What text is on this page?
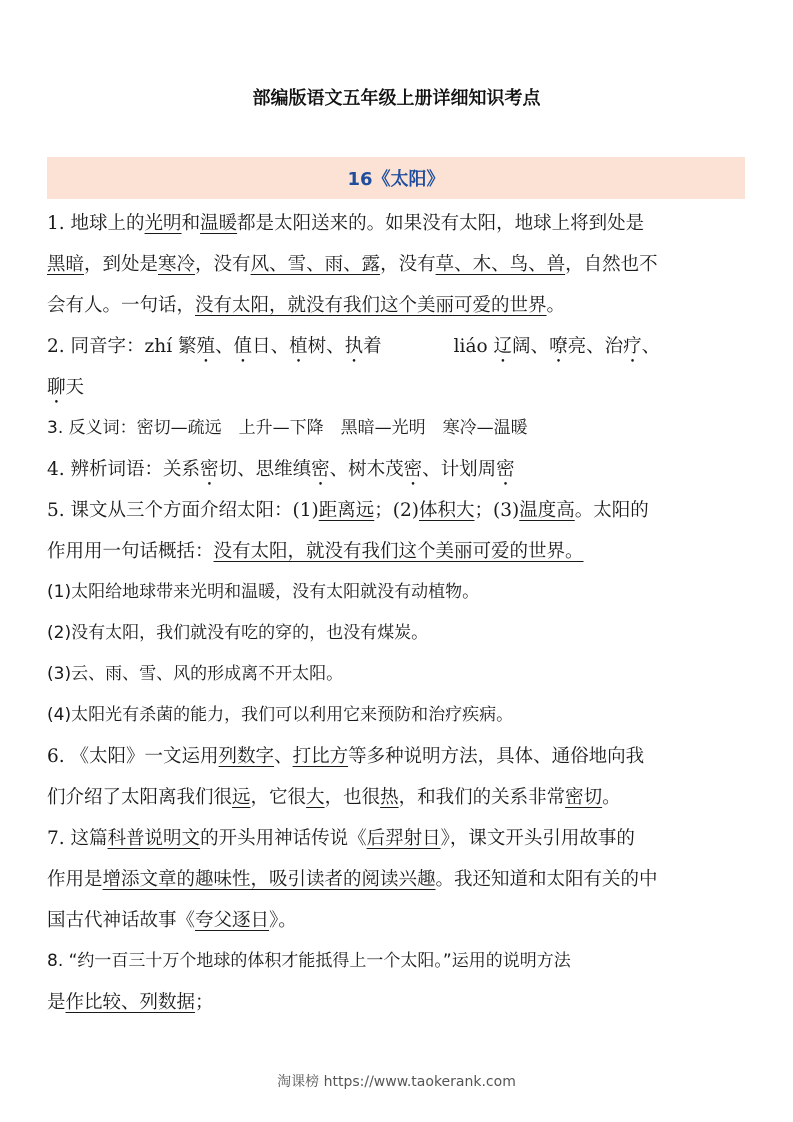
部编版语文五年级上册详细知识考点
16《太阳》

1. 地球上的光明和温暖都是太阳送来的。如果没有太阳，地球上将到处是

黑暗，到处是寒冷，没有风、雪、雨、露，没有草、木、鸟、兽，自然也不

会有人。一句话，没有太阳，就没有我们这个美丽可爱的世界。

2. 同音字：zhí 繁殖、值日、植树、执着	liáo 辽阔、嘹亮、治疗、

聊天

3. 反义词：密切—疏远　上升—下降　黑暗—光明　寒冷—温暖

4. 辨析词语：关系密切、思维缜密、树木茂密、计划周密

5. 课文从三个方面介绍太阳：(1)距离远；(2)体积大；(3)温度高。太阳的

作用用一句话概括：没有太阳，就没有我们这个美丽可爱的世界。

(1)太阳给地球带来光明和温暖，没有太阳就没有动植物。

(2)没有太阳，我们就没有吃的穿的，也没有煤炭。

(3)云、雨、雪、风的形成离不开太阳。

(4)太阳光有杀菌的能力，我们可以利用它来预防和治疗疾病。

6. 《太阳》一文运用列数字、打比方等多种说明方法，具体、通俗地向我

们介绍了太阳离我们很远，它很大，也很热，和我们的关系非常密切。

7. 这篇科普说明文的开头用神话传说《后羿射日》，课文开头引用故事的

作用是增添文章的趣味性，吸引读者的阅读兴趣。我还知道和太阳有关的中

国古代神话故事《夸父逐日》。

8. “约一百三十万个地球的体积才能抵得上一个太阳。”运用的说明方法

是作比较、列数据；

淘课榜 https://www.taokerank.com
